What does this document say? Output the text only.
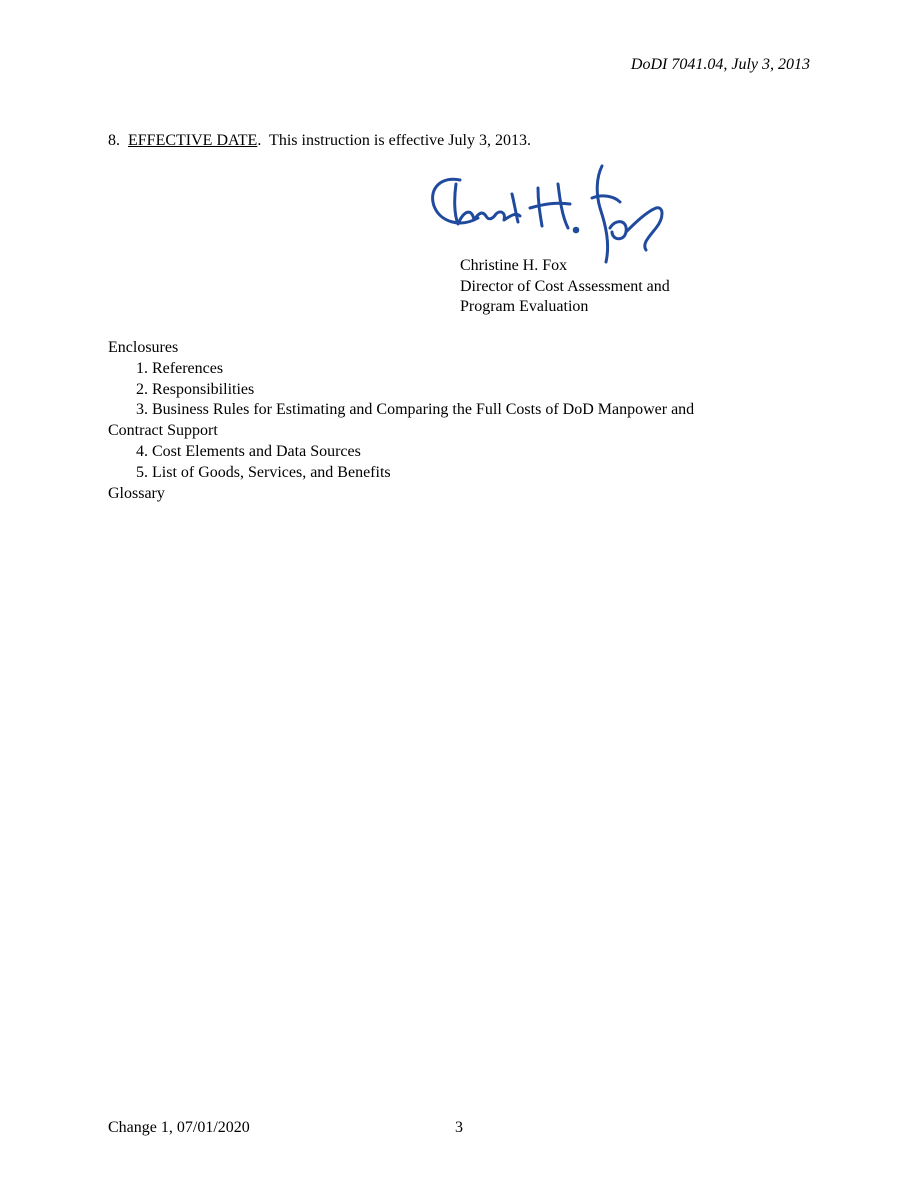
DoDI 7041.04, July 3, 2013
8. EFFECTIVE DATE. This instruction is effective July 3, 2013.
Christine H. Fox
Director of Cost Assessment and
Program Evaluation
Enclosures
1. References
2. Responsibilities
3. Business Rules for Estimating and Comparing the Full Costs of DoD Manpower and
Contract Support
4. Cost Elements and Data Sources
5. List of Goods, Services, and Benefits
Glossary
Change 1, 07/01/2020	3
